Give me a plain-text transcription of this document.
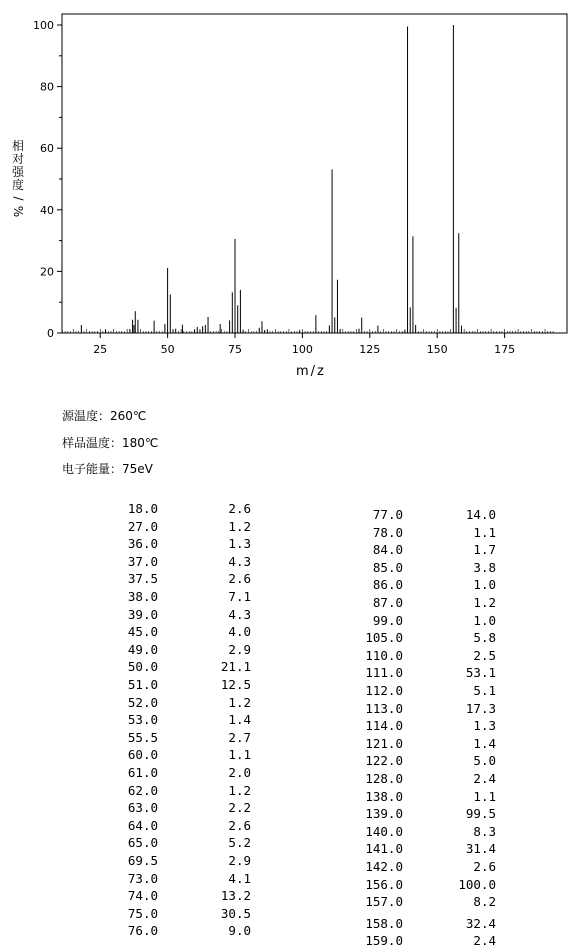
0
20
40
60
80
100
25	50	75	100	125	150	175
相
对
强
度
/ %
m/z
源温度：260℃
样品温度：180℃
电子能量：75eV
18.0	2.6
27.0	1.2
36.0	1.3
37.0	4.3
37.5	2.6
38.0	7.1
39.0	4.3
45.0	4.0
49.0	2.9
50.0	21.1
51.0	12.5
52.0	1.2
53.0	1.4
55.5	2.7
60.0	1.1
61.0	2.0
62.0	1.2
63.0	2.2
64.0	2.6
65.0	5.2
69.5	2.9
73.0	4.1
74.0	13.2
75.0	30.5
76.0	9.0
77.0	14.0
78.0	1.1
84.0	1.7
85.0	3.8
86.0	1.0
87.0	1.2
99.0	1.0
105.0	5.8
110.0	2.5
111.0	53.1
112.0	5.1
113.0	17.3
114.0	1.3
121.0	1.4
122.0	5.0
128.0	2.4
138.0	1.1
139.0	99.5
140.0	8.3
141.0	31.4
142.0	2.6
156.0	100.0
157.0	8.2
158.0	32.4
159.0	2.4
